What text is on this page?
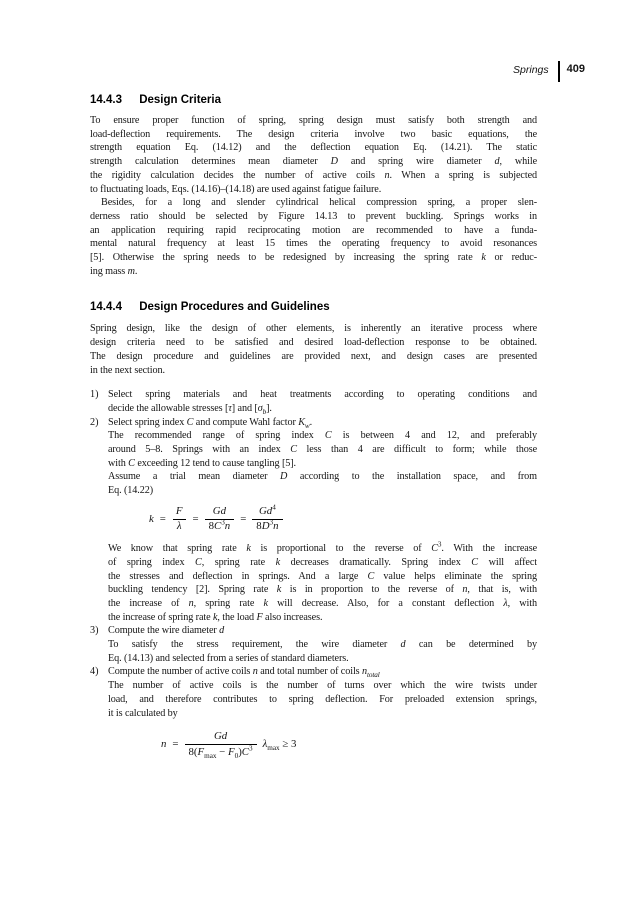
Springs 409
14.4.3 Design Criteria
To ensure proper function of spring, spring design must satisfy both strength and
load-deflection requirements. The design criteria involve two basic equations, the
strength equation Eq. (14.12) and the deflection equation Eq. (14.21). The static
strength calculation determines mean diameter D and spring wire diameter d, while
the rigidity calculation decides the number of active coils n. When a spring is subjected
to fluctuating loads, Eqs. (14.16)–(14.18) are used against fatigue failure.
Besides, for a long and slender cylindrical helical compression spring, a proper slen-
derness ratio should be selected by Figure 14.13 to prevent buckling. Springs works in
an application requiring rapid reciprocating motion are recommended to have a funda-
mental natural frequency at least 15 times the operating frequency to avoid resonances
[5]. Otherwise the spring needs to be redesigned by increasing the spring rate k or reduc-
ing mass m.
14.4.4 Design Procedures and Guidelines
Spring design, like the design of other elements, is inherently an iterative process where
design criteria need to be satisfied and desired load-deflection response to be obtained.
The design procedure and guidelines are provided next, and design cases are presented
in the next section.
1) Select spring materials and heat treatments according to operating conditions and
decide the allowable stresses [τ] and $[\sigma_b]$.
2) Select spring index C and compute Wahl factor $K_w$.
The recommended range of spring index C is between 4 and 12, and preferably
around 5–8. Springs with an index C less than 4 are difficult to form; while those
with C exceeding 12 tend to cause tangling [5].
Assume a trial mean diameter D according to the installation space, and from
Eq. (14.22)
$k = \frac{F}{\lambda} = \frac{Gd}{8C^3n} = \frac{Gd^4}{8D^3n}$
We know that spring rate k is proportional to the reverse of $C^3$. With the increase
of spring index C, spring rate k decreases dramatically. Spring index C will affect
the stresses and deflection in springs. And a large C value helps eliminate the spring
buckling tendency [2]. Spring rate k is in proportion to the reverse of n, that is, with
the increase of n, spring rate k will decrease. Also, for a constant deflection λ, with
the increase of spring rate k, the load F also increases.
3) Compute the wire diameter d
To satisfy the stress requirement, the wire diameter d can be determined by
Eq. (14.13) and selected from a series of standard diameters.
4) Compute the number of active coils n and total number of coils $n_{total}$
The number of active coils is the number of turns over which the wire twists under
load, and therefore contributes to spring deflection. For preloaded extension springs,
it is calculated by
$n = \frac{Gd}{8(F_{max} - F_0)C^3} \lambda_{max} \ge 3$
